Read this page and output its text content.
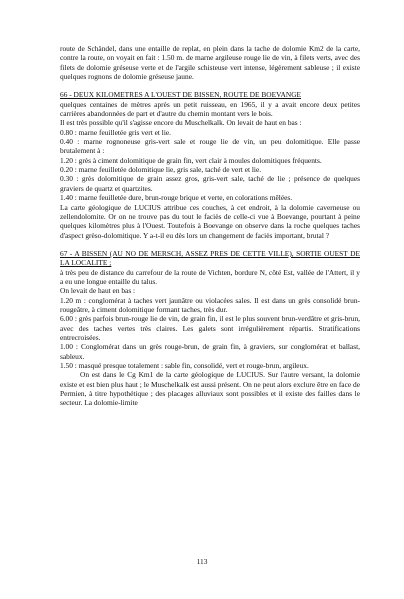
route de Schändel, dans une entaille de replat, en plein dans la tache de dolomie Km2 de la carte, contre la route, on voyait en fait : 1.50 m. de marne argileuse rouge lie de vin, à filets verts, avec des filets de dolomie gréseuse verte et de l'argile schisteuse vert intense, légèrement sableuse ; il existe quelques rognons de dolomie gréseuse jaune.

66 - DEUX KILOMETRES A L'OUEST DE BISSEN, ROUTE DE BOEVANGE

quelques centaines de mètres après un petit ruisseau, en 1965, il y a avait encore deux petites carrières abandonnées de part et d'autre du chemin montant vers le bois.

Il est très possible qu'il s'agisse encore du Muschelkalk. On levait de haut en bas :

0.80 : marne feuilletée gris vert et lie.

0.40 : marne rognoneuse gris-vert sale et rouge lie de vin, un peu dolomitique. Elle passe brutalement à :

1.20 : grès à ciment dolomitique de grain fin, vert clair à moules dolomitiques fréquents.

0.20 : marne feuilletée dolomitique lie, gris sale, taché de vert et lie.

0.30 : grès dolomitique de grain assez gros, gris-vert sale, taché de lie ; présence de quelques graviers de quartz et quartzites.

1.40 : marne feuilletée dure, brun-rouge brique et verte, en colorations mêlées.

La carte géologique de LUCIUS attribue ces couches, à cet endroit, à la dolomie caverneuse ou zellendolomite. Or on ne trouve pas du tout le faciès de celle-ci vue à Boevange, pourtant à peine quelques kilomètres plus à l'Ouest. Toutefois à Boevange on observe dans la roche quelques taches d'aspect grèso-dolomitique. Y a-t-il eu dès lors un changement de faciès important, brutal ?

67 - A BISSEN (AU NO DE MERSCH, ASSEZ PRES DE CETTE VILLE), SORTIE OUEST DE LA LOCALITE ;

à très peu de distance du carrefour de la route de Vichten, bordure N, côté Est, vallée de l'Attert, il y a eu une longue entaille du talus.

On levait de haut en bas :

1.20 m : conglomérat à taches vert jaunâtre ou violacées sales. Il est dans un grès consolidé brun-rougeâtre, à ciment dolomitique formant taches, très dur.

6.00 : grès parfois brun-rouge lie de vin, de grain fin, il est le plus souvent brun-verdâtre et gris-brun, avec des taches vertes très claires. Les galets sont irrégulièrement répartis. Stratifications entrecroisées.

1.00 : Conglomérat dans un grès rouge-brun, de grain fin, à graviers, sur conglomérat et ballast, sableux.

1.50 : masqué presque totalement : sable fin, consolidé, vert et rouge-brun, argileux.

On est dans le Cg Km1 de la carte géologique de LUCIUS. Sur l'autre versant, la dolomie existe et est bien plus haut ; le Muschelkalk est aussi présent. On ne peut alors exclure être en face de Permien, à titre hypothétique ; des placages alluviaux sont possibles et il existe des failles dans le secteur. La dolomie-limite

113
